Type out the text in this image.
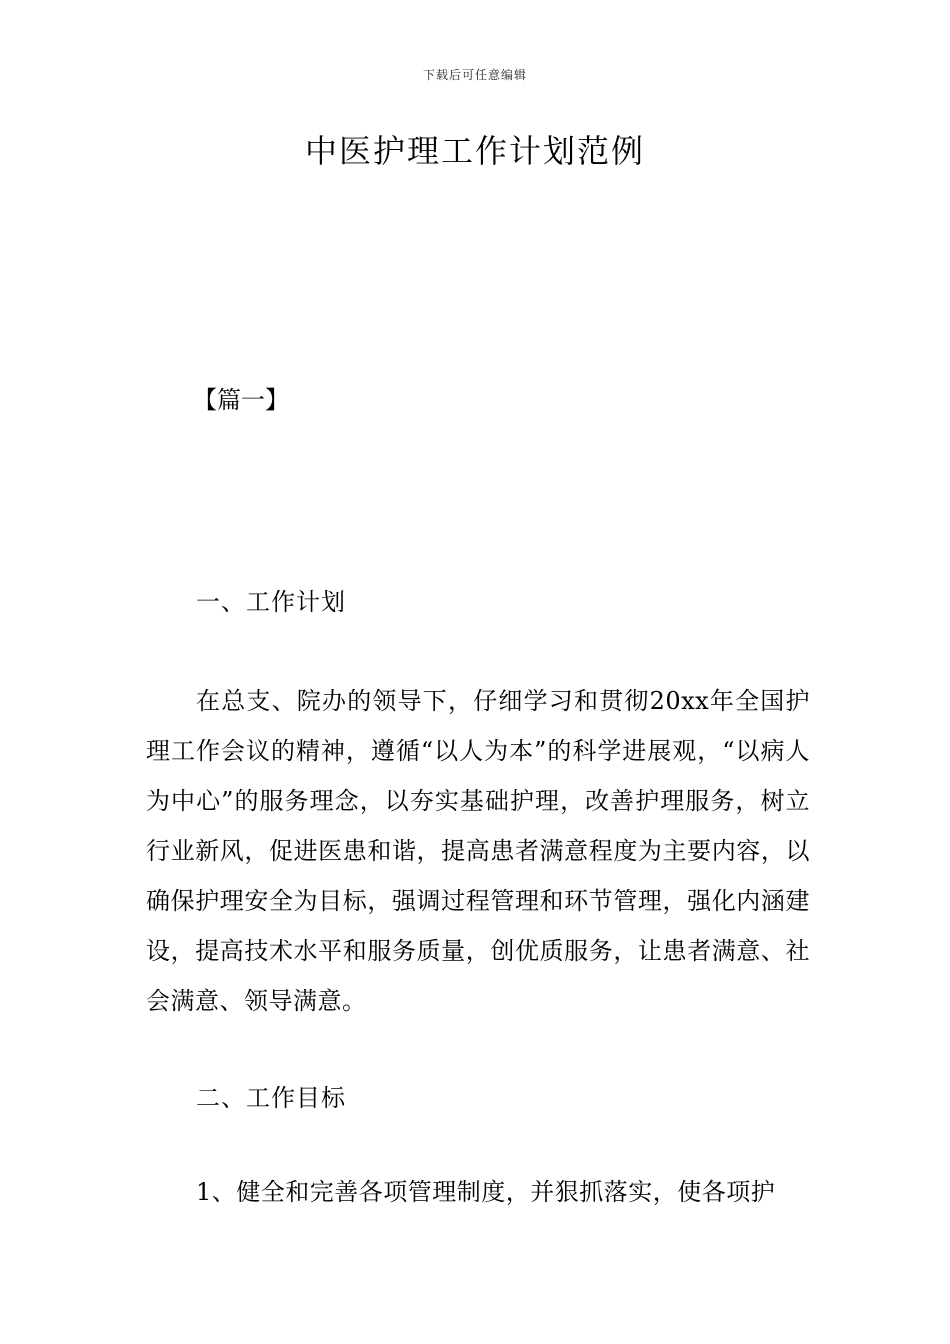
下载后可任意编辑
中医护理工作计划范例
【篇一】
一、工作计划

在总支、院办的领导下，仔细学习和贯彻20xx年全国护理工作会议的精神，遵循“以人为本”的科学进展观，“以病人为中心”的服务理念，以夯实基础护理，改善护理服务，树立行业新风，促进医患和谐，提高患者满意程度为主要内容，以确保护理安全为目标，强调过程管理和环节管理，强化内涵建设，提高技术水平和服务质量，创优质服务，让患者满意、社会满意、领导满意。

二、工作目标
1、健全和完善各项管理制度，并狠抓落实，使各项护
